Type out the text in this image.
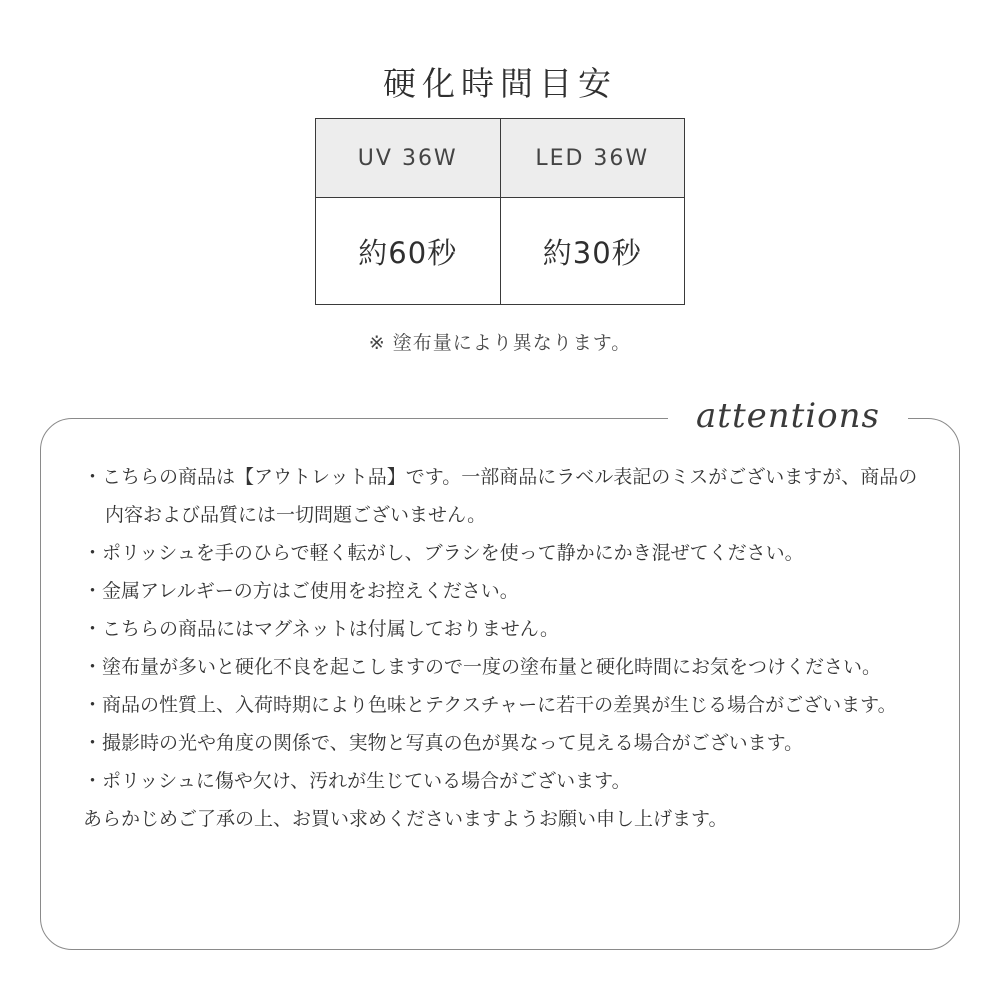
硬化時間目安
UV 36W	LED 36W
約60秒	約30秒
※ 塗布量により異なります。
attentions
・こちらの商品は【アウトレット品】です。一部商品にラベル表記のミスがございますが、商品の内容および品質には一切問題ございません。
・ポリッシュを手のひらで軽く転がし、ブラシを使って静かにかき混ぜてください。
・金属アレルギーの方はご使用をお控えください。
・こちらの商品にはマグネットは付属しておりません。
・塗布量が多いと硬化不良を起こしますので一度の塗布量と硬化時間にお気をつけください。
・商品の性質上、入荷時期により色味とテクスチャーに若干の差異が生じる場合がございます。
・撮影時の光や角度の関係で、実物と写真の色が異なって見える場合がございます。
・ポリッシュに傷や欠け、汚れが生じている場合がございます。
あらかじめご了承の上、お買い求めくださいますようお願い申し上げます。
